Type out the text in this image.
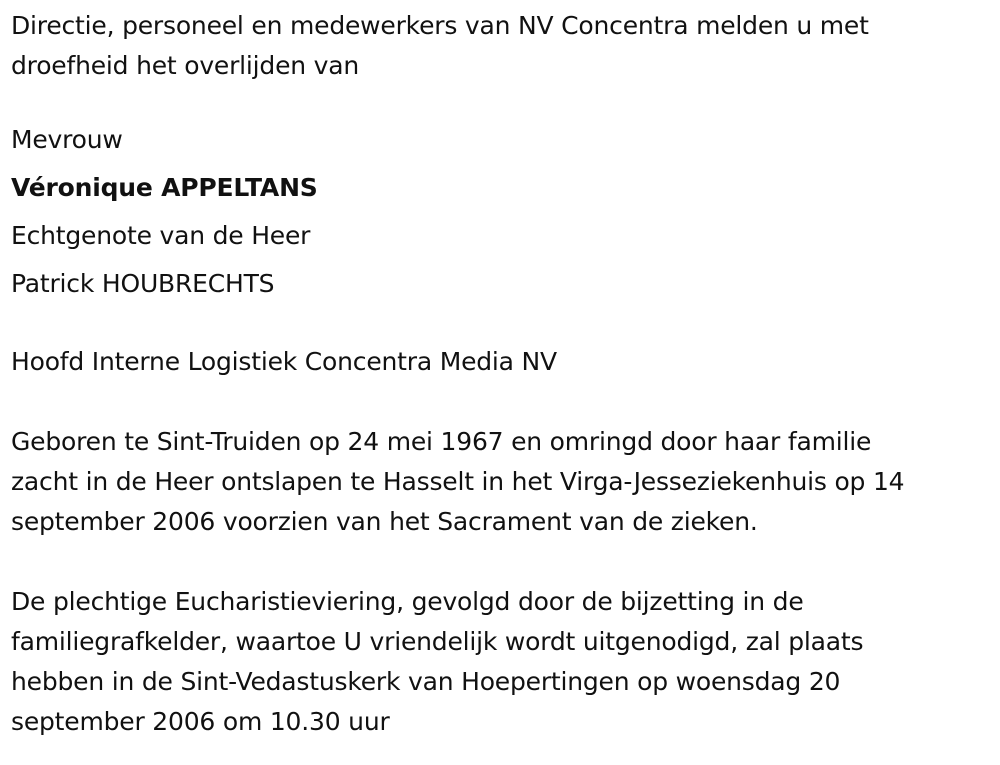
Directie, personeel en medewerkers van NV Concentra melden u met

droefheid het overlijden van

Mevrouw

Véronique APPELTANS

Echtgenote van de Heer

Patrick HOUBRECHTS

Hoofd Interne Logistiek Concentra Media NV

Geboren te Sint-Truiden op 24 mei 1967 en omringd door haar familie

zacht in de Heer ontslapen te Hasselt in het Virga-Jesseziekenhuis op 14

september 2006 voorzien van het Sacrament van de zieken.

De plechtige Eucharistieviering, gevolgd door de bijzetting in de

familiegrafkelder, waartoe U vriendelijk wordt uitgenodigd, zal plaats

hebben in de Sint-Vedastuskerk van Hoepertingen op woensdag 20

september 2006 om 10.30 uur
